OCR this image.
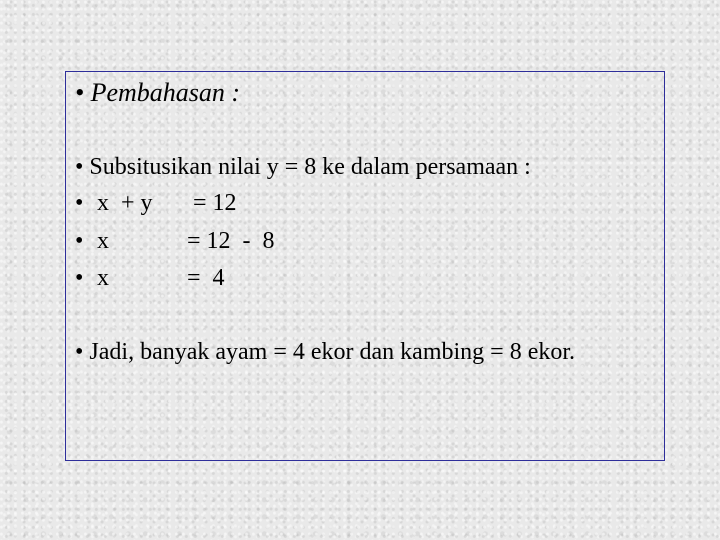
• Pembahasan :
• Subsitusikan nilai y = 8 ke dalam persamaan :
• x  + y	= 12
• x	= 12  -  8
• x	=  4
• Jadi, banyak ayam = 4 ekor dan kambing = 8 ekor.
